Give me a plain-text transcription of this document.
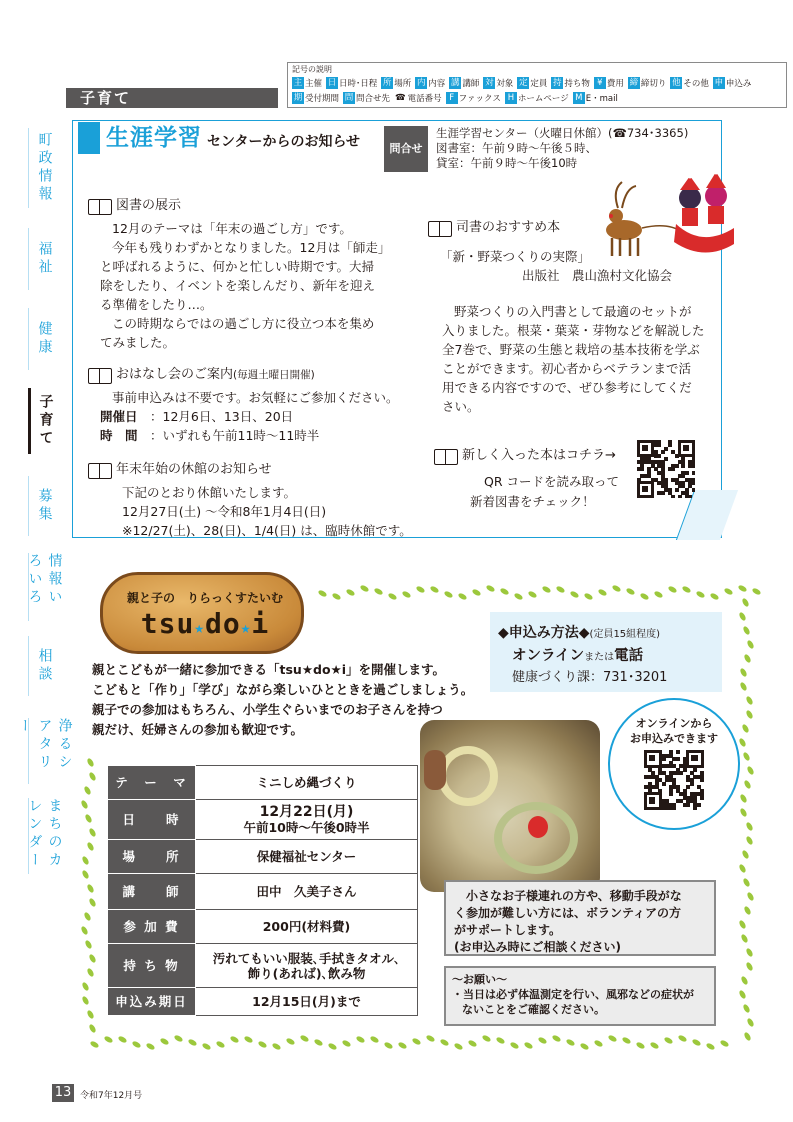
記号の説明
主 主催 日 日時･日程 所 場所 内 内容 講 講師 対 対象 定 定員 持 持ち物 ¥ 費用 締 締切り 他 その他 申 申込み
期 受付期間 問 問合せ先 ☎ 電話番号 F ファックス H ホームページ M E・mail
子育て
町政情報
福祉
健康
子育て
募集
情報いろいろ
相談
浄るシアタリー
まちのカレンダー
生涯学習 センターからのお知らせ	問合せ
生涯学習センター（火曜日休館）(☎734･3365)
図書室：午前９時～午後５時、
貸室：午前９時～午後10時
図書の展示

12月のテーマは「年末の過ごし方」です。

今年も残りわずかとなりました。12月は「師走」

と呼ばれるように、何かと忙しい時期です。大掃

除をしたり、イベントを楽しんだり、新年を迎え

る準備をしたり…。

この時期ならではの過ごし方に役立つ本を集め

てみました。

おはなし会のご案内 (毎週土曜日開催)

事前申込みは不要です。お気軽にご参加ください。

開催日 ：12月6日、13日、20日

時　間 ：いずれも午前11時～11時半

年末年始の休館のお知らせ

下記のとおり休館いたします。

12月27日(土) ～令和8年1月4日(日)

※12/27(土)、28(日)、1/4(日) は、臨時休館です。

司書のおすすめ本

「新・野菜つくりの実際」

出版社　農山漁村文化協会

野菜つくりの入門書として最適のセットが

入りました。根菜・葉菜・芽物などを解説した

全7巻で、野菜の生態と栽培の基本技術を学ぶ

ことができます。初心者からベテランまで活

用できる内容ですので、ぜひ参考にしてくだ

さい。

新しく入った本はコチラ→

QR コードを読み取って

新着図書をチェック！

親と子の　りらっくすたいむ
tsu★do★i	◆申込み方法◆(定員15組程度)
オンラインまたは電話
健康づくり課：731･3201

親とこどもが一緒に参加できる「tsu★do★i」を開催します。

こどもと「作り」「学び」ながら楽しいひとときを過ごしましょう。

親子での参加はもちろん、小学生ぐらいまでのお子さんを持つ

親だけ、妊婦さんの参加も歓迎です。	オンラインから
お申込みできます
テ　ー　マ	ミニしめ縄づくり

日　　時	12月22日(月)
午前10時～午後0時半

場　　所	保健福祉センター

講　　師	田中　久美子さん

参 加 費	200円(材料費)

持 ち 物	汚れてもいい服装､手拭きタオル､
飾り(あれば)､飲み物

申込み期日	12月15日(月)まで

小さなお子様連れの方や、移動手段がな

く参加が難しい方には、ボランティアの方

がサポートします。

(お申込み時にご相談ください)

～お願い～

・当日は必ず体温測定を行い、風邪などの症状が

ないことをご確認ください。

13 令和7年12月号
